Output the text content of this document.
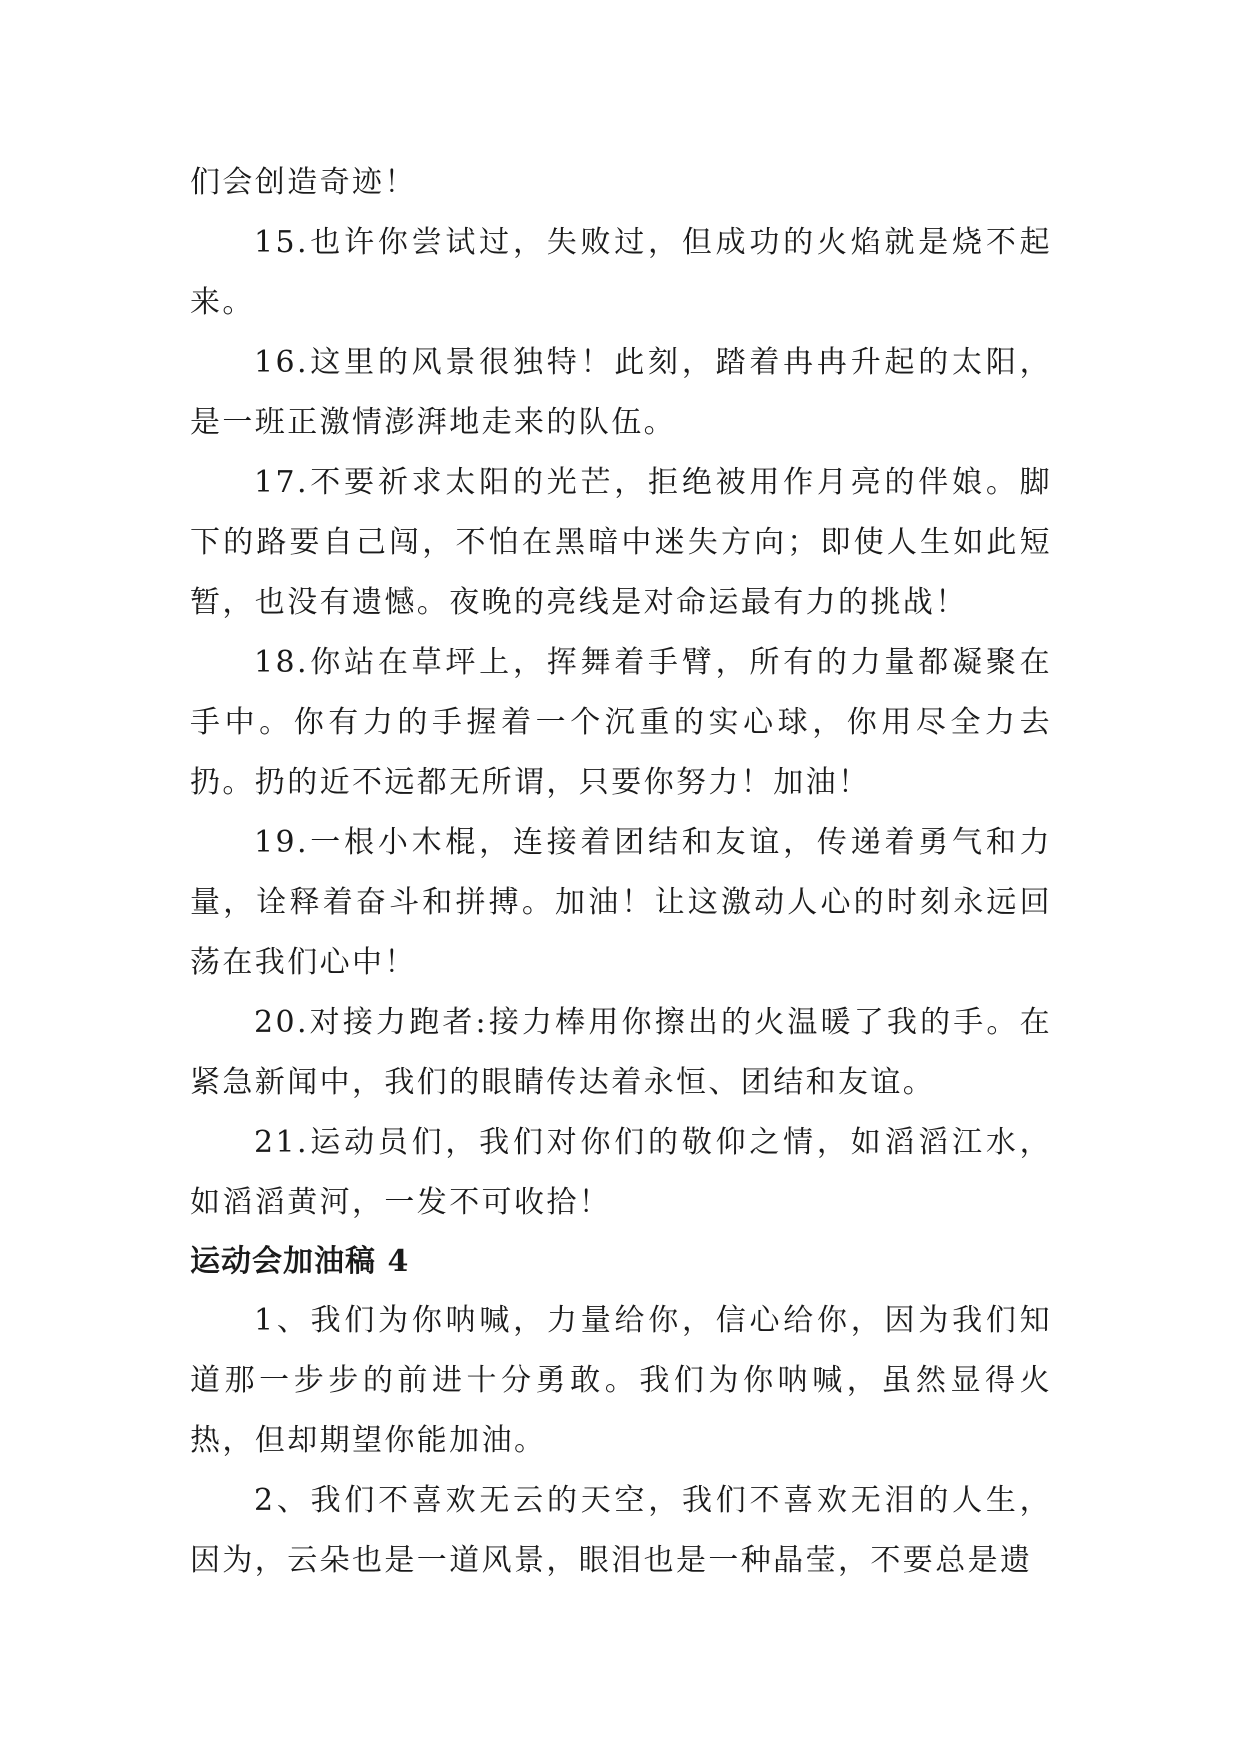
们会创造奇迹！

15.也许你尝试过，失败过，但成功的火焰就是烧不起来。

16.这里的风景很独特！此刻，踏着冉冉升起的太阳，是一班正激情澎湃地走来的队伍。

17.不要祈求太阳的光芒，拒绝被用作月亮的伴娘。脚下的路要自己闯，不怕在黑暗中迷失方向；即使人生如此短暂，也没有遗憾。夜晚的亮线是对命运最有力的挑战！

18.你站在草坪上，挥舞着手臂，所有的力量都凝聚在手中。你有力的手握着一个沉重的实心球，你用尽全力去扔。扔的近不远都无所谓，只要你努力！加油！

19.一根小木棍，连接着团结和友谊，传递着勇气和力量，诠释着奋斗和拼搏。加油！让这激动人心的时刻永远回荡在我们心中！

20.对接力跑者:接力棒用你擦出的火温暖了我的手。在紧急新闻中，我们的眼睛传达着永恒、团结和友谊。

21.运动员们，我们对你们的敬仰之情，如滔滔江水，如滔滔黄河，一发不可收拾！

运动会加油稿 4

1、我们为你呐喊，力量给你，信心给你，因为我们知道那一步步的前进十分勇敢。我们为你呐喊，虽然显得火热，但却期望你能加油。

2、我们不喜欢无云的天空，我们不喜欢无泪的人生，因为，云朵也是一道风景，眼泪也是一种晶莹，不要总是遗
